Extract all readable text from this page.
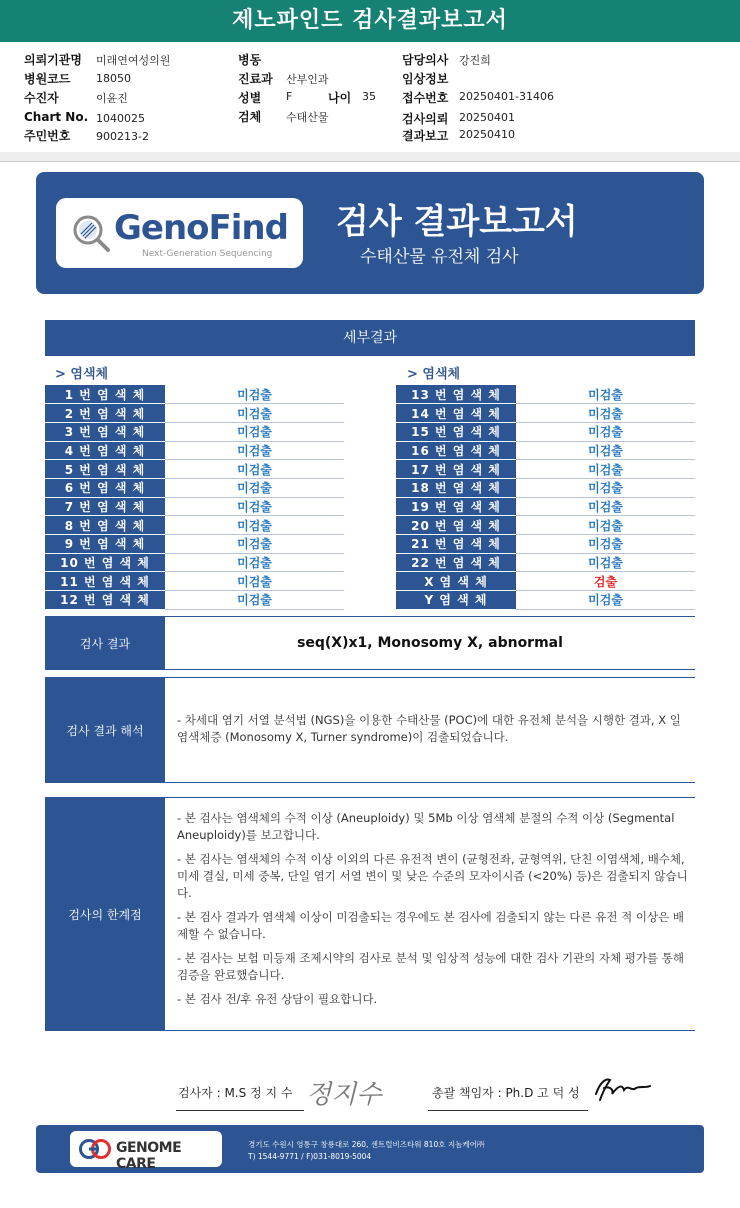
제노파인드 검사결과보고서
의뢰기관명 미래연여성의원
병원코드 18050
수진자	이윤진
Chart No. 1040025
주민번호 900213-2
병동
진료과 산부인과
성별 F	나이 35
검체 수태산물
담당의사 강진희
임상정보
접수번호 20250401-31406
검사의뢰 20250401
결과보고 20250410
GenoFind
Next-Generation Sequencing
검사 결과보고서
수태산물 유전체 검사
세부결과
> 염색체	> 염색체
1 번 염 색 체	미검출
2 번 염 색 체	미검출
3 번 염 색 체	미검출
4 번 염 색 체	미검출
5 번 염 색 체	미검출
6 번 염 색 체	미검출
7 번 염 색 체	미검출
8 번 염 색 체	미검출
9 번 염 색 체	미검출
10 번 염 색 체	미검출
11 번 염 색 체	미검출
12 번 염 색 체	미검출
13 번 염 색 체	미검출
14 번 염 색 체	미검출
15 번 염 색 체	미검출
16 번 염 색 체	미검출
17 번 염 색 체	미검출
18 번 염 색 체	미검출
19 번 염 색 체	미검출
20 번 염 색 체	미검출
21 번 염 색 체	미검출
22 번 염 색 체	미검출
X 염 색 체	검출
Y 염 색 체	미검출
검사 결과	seq(X)x1, Monosomy X, abnormal
검사 결과 해석
- 차세대 염기 서열 분석법 (NGS)을 이용한 수태산물 (POC)에 대한 유전체 분석을 시행한 결과, X 일염색체증 (Monosomy X, Turner syndrome)이 검출되었습니다.
검사의 한계점

- 본 검사는 염색체의 수적 이상 (Aneuploidy) 및 5Mb 이상 염색체 분절의 수적 이상 (Segmental Aneuploidy)를 보고합니다.

- 본 검사는 염색체의 수적 이상 이외의 다른 유전적 변이 (균형전좌, 균형역위, 단친 이염색체, 배수체, 미세 결실, 미세 중복, 단일 염기 서열 변이 및 낮은 수준의 모자이시즘 (<20%) 등)은 검출되지 않습니다.

- 본 검사 결과가 염색체 이상이 미검출되는 경우에도 본 검사에 검출되지 않는 다른 유전 적 이상은 배제할 수 없습니다.

- 본 검사는 보험 미등재 조제시약의 검사로 분석 및 임상적 성능에 대한 검사 기관의 자체 평가를 통해 검증을 완료했습니다.

- 본 검사 전/후 유전 상담이 필요합니다.

검사자 : M.S 정 지 수 정지수	총괄 책임자 : Ph.D 고 덕 성
GENOME CARE
경기도 수원시 영통구 창룡대로 260, 센트럴비즈타워 810호 지놈케어㈜
T) 1544-9771 / F)031-8019-5004
